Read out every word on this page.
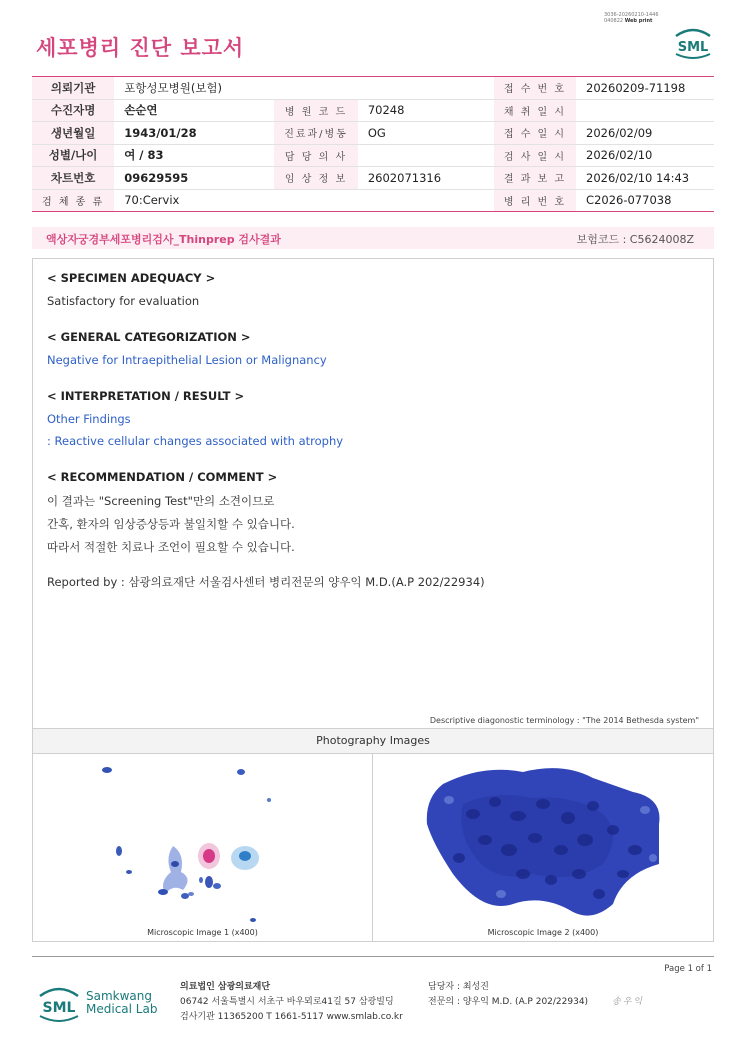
3036-20260210-1446
040822 Web print
세포병리 진단 보고서	SML
의뢰기관	포항성모병원(보험)			접 수 번 호	20260209-71198
수진자명	손순연	병 원 코 드	70248	채 취 일 시	
생년월일	1943/01/28	진료과/병동	OG	접 수 일 시	2026/02/09
성별/나이	여 / 83	담 당 의 사		검 사 일 시	2026/02/10
차트번호	09629595	임 상 정 보	2602071316	결 과 보 고	2026/02/10 14:43
검 체 종 류	70:Cervix			병 리 번 호	C2026-077038
액상자궁경부세포병리검사_Thinprep 검사결과	보험코드 : C5624008Z
< SPECIMEN ADEQUACY >
Satisfactory for evaluation
< GENERAL CATEGORIZATION >
Negative for Intraepithelial Lesion or Malignancy
< INTERPRETATION / RESULT >
Other Findings
: Reactive cellular changes associated with atrophy
< RECOMMENDATION / COMMENT >
이 결과는 "Screening Test"만의 소견이므로
간혹, 환자의 임상증상등과 불일치할 수 있습니다.
따라서 적절한 치료나 조언이 필요할 수 있습니다.
Reported by : 삼광의료재단 서울검사센터 병리전문의 양우익 M.D.(A.P 202/22934)
Descriptive diagonostic terminology : "The 2014 Bethesda system"
Photography Images
Microscopic Image 1 (x400)	Microscopic Image 2 (x400)
Page 1 of 1
SML
Samkwang
Medical Lab
의료법인 삼광의료재단
06742 서울특별시 서초구 바우뫼로41길 57 삼광빌딩
검사기관 11365200 T 1661-5117 www.smlab.co.kr
담당자 : 최성진
전문의 : 양우익 M.D. (A.P 202/22934)	송우익
